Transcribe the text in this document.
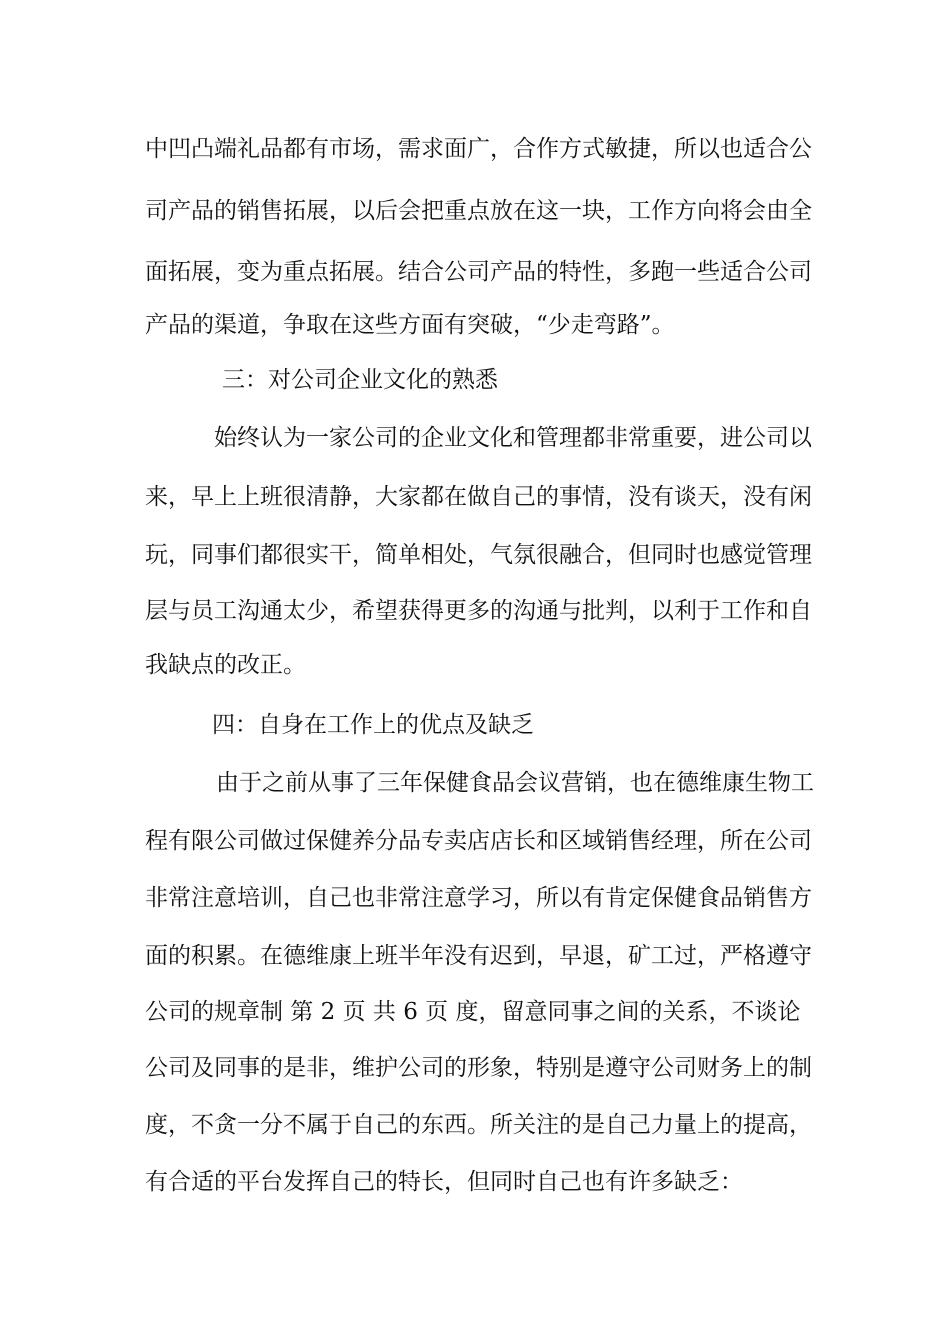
中凹凸端礼品都有市场，需求面广，合作方式敏捷，所以也适合公
司产品的销售拓展，以后会把重点放在这一块，工作方向将会由全
面拓展，变为重点拓展。结合公司产品的特性，多跑一些适合公司
产品的渠道，争取在这些方面有突破，“少走弯路”。
三：对公司企业文化的熟悉
始终认为一家公司的企业文化和管理都非常重要，进公司以
来，早上上班很清静，大家都在做自己的事情，没有谈天，没有闲
玩，同事们都很实干，简单相处，气氛很融合，但同时也感觉管理
层与员工沟通太少，希望获得更多的沟通与批判，以利于工作和自
我缺点的改正。
四：自身在工作上的优点及缺乏
由于之前从事了三年保健食品会议营销，也在德维康生物工
程有限公司做过保健养分品专卖店店长和区域销售经理，所在公司
非常注意培训，自己也非常注意学习，所以有肯定保健食品销售方
面的积累。在德维康上班半年没有迟到，早退，矿工过，严格遵守
公司的规章制 第 2 页 共 6 页 度，留意同事之间的关系，不谈论
公司及同事的是非，维护公司的形象，特别是遵守公司财务上的制
度，不贪一分不属于自己的东西。所关注的是自己力量上的提高，
有合适的平台发挥自己的特长，但同时自己也有许多缺乏：
